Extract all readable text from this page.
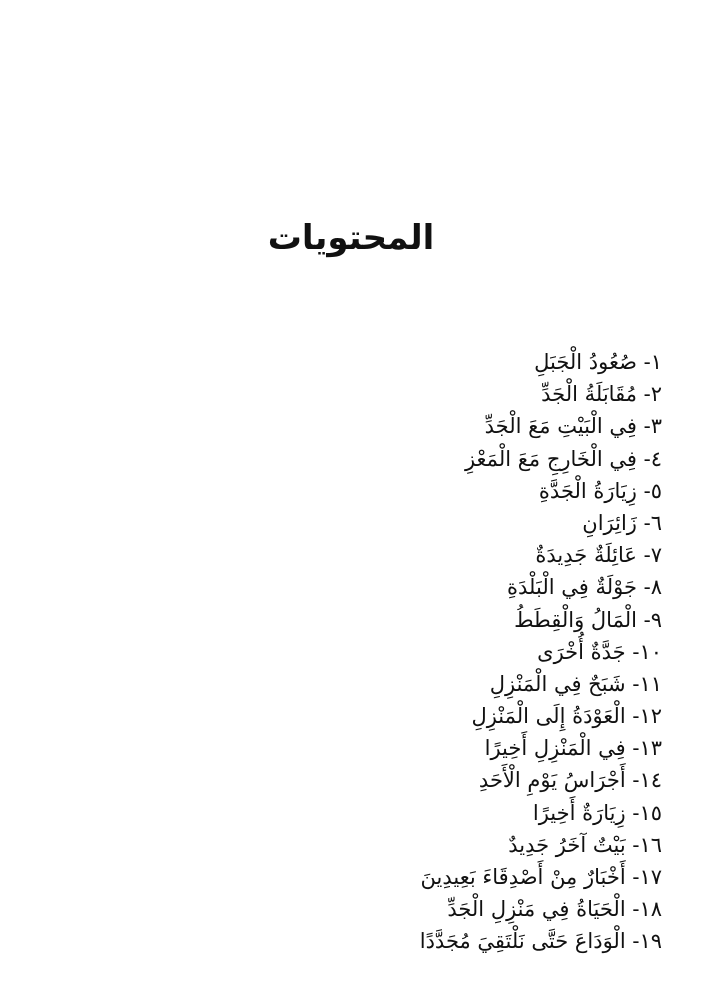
المحتويات
١- صُعُودُ الْجَبَلِ
٢- مُقَابَلَةُ الْجَدِّ
٣- فِي الْبَيْتِ مَعَ الْجَدِّ
٤- فِي الْخَارِجِ مَعَ الْمَعْزِ
٥- زِيَارَةُ الْجَدَّةِ
٦- زَائِرَانِ
٧- عَائِلَةٌ جَدِيدَةٌ
٨- جَوْلَةٌ فِي الْبَلْدَةِ
٩- الْمَالُ وَالْقِطَطُ
١٠- جَدَّةٌ أُخْرَى
١١- شَبَحٌ فِي الْمَنْزِلِ
١٢- الْعَوْدَةُ إِلَى الْمَنْزِلِ
١٣- فِي الْمَنْزِلِ أَخِيرًا
١٤- أَجْرَاسُ يَوْمِ الْأَحَدِ
١٥- زِيَارَةٌ أَخِيرًا
١٦- بَيْتٌ آخَرُ جَدِيدٌ
١٧- أَخْبَارٌ مِنْ أَصْدِقَاءَ بَعِيدِينَ
١٨- الْحَيَاةُ فِي مَنْزِلِ الْجَدِّ
١٩- الْوَدَاعَ حَتَّى نَلْتَقِيَ مُجَدَّدًا
